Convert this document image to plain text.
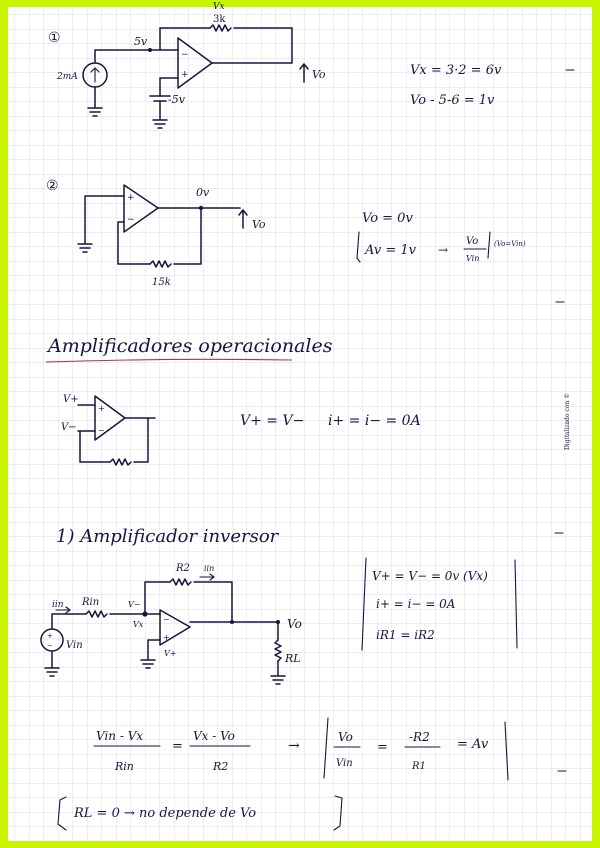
①
−
+
Vx
3k
5v
2mA
-5v
Vo	Vx = 3·2 = 6v
Vo - 5-6 = 1v
②
+
−
0v
15k
Vo	Vo = 0v
Av = 1v →
Vo
Vin
(Vo=Vin)
Amplificadores operacionales
+
−
V+
V−	V+ = V− i+ = i− = 0A	Digitalizado con ©
1) Amplificador inversor
−
+
R2 iin
iin Rin	V−
Vx
+
− Vin
V+
Vo
RL
V+ = V− = 0v (Vx)
i+ = i− = 0A
iR1 = iR2
Vin - Vx
Rin
=
Vx - Vo
R2
→
Vo
Vin
=
-R2
R1
= Av
RL = 0 → no depende de Vo
